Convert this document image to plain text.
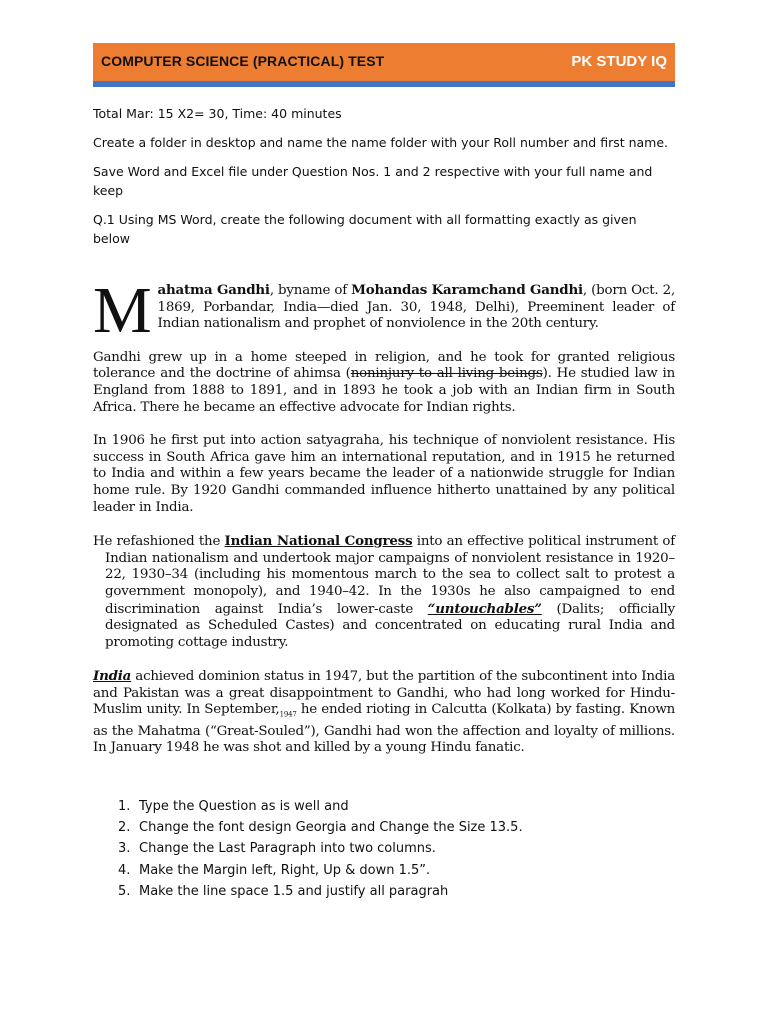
COMPUTER SCIENCE (PRACTICAL) TEST	PK STUDY IQ

Total Mar: 15 X2= 30, Time: 40 minutes

Create a folder in desktop and name the name folder with your Roll number and first name.

Save Word and Excel file under Question Nos. 1 and 2 respective with your full name and keep

Q.1 Using MS Word, create the following document with all formatting exactly as given below

Mahatma Gandhi, byname of Mohandas Karamchand Gandhi, (born Oct. 2, 1869, Porbandar, India—died Jan. 30, 1948, Delhi), Preeminent leader of Indian nationalism and prophet of nonviolence in the 20th century.

Gandhi grew up in a home steeped in religion, and he took for granted religious tolerance and the doctrine of ahimsa (noninjury to all living beings). He studied law in England from 1888 to 1891, and in 1893 he took a job with an Indian firm in South Africa. There he became an effective advocate for Indian rights.

In 1906 he first put into action satyagraha, his technique of nonviolent resistance. His success in South Africa gave him an international reputation, and in 1915 he returned to India and within a few years became the leader of a nationwide struggle for Indian home rule. By 1920 Gandhi commanded influence hitherto unattained by any political leader in India.

He refashioned the Indian National Congress into an effective political instrument of Indian nationalism and undertook major campaigns of nonviolent resistance in 1920–22, 1930–34 (including his momentous march to the sea to collect salt to protest a government monopoly), and 1940–42. In the 1930s he also campaigned to end discrimination against India’s lower-caste “untouchables” (Dalits; officially designated as Scheduled Castes) and concentrated on educating rural India and promoting cottage industry.

India achieved dominion status in 1947, but the partition of the subcontinent into India and Pakistan was a great disappointment to Gandhi, who had long worked for Hindu-Muslim unity. In $September,_{1947}$ he ended rioting in Calcutta (Kolkata) by fasting. Known as the Mahatma (“Great-Souled”), Gandhi had won the affection and loyalty of millions. In January 1948 he was shot and killed by a young Hindu fanatic.

1. Type the Question as is well and
2. Change the font design Georgia and Change the Size 13.5.
3. Change the Last Paragraph into two columns.
4. Make the Margin left, Right, Up & down 1.5”.
5. Make the line space 1.5 and justify all paragrah
